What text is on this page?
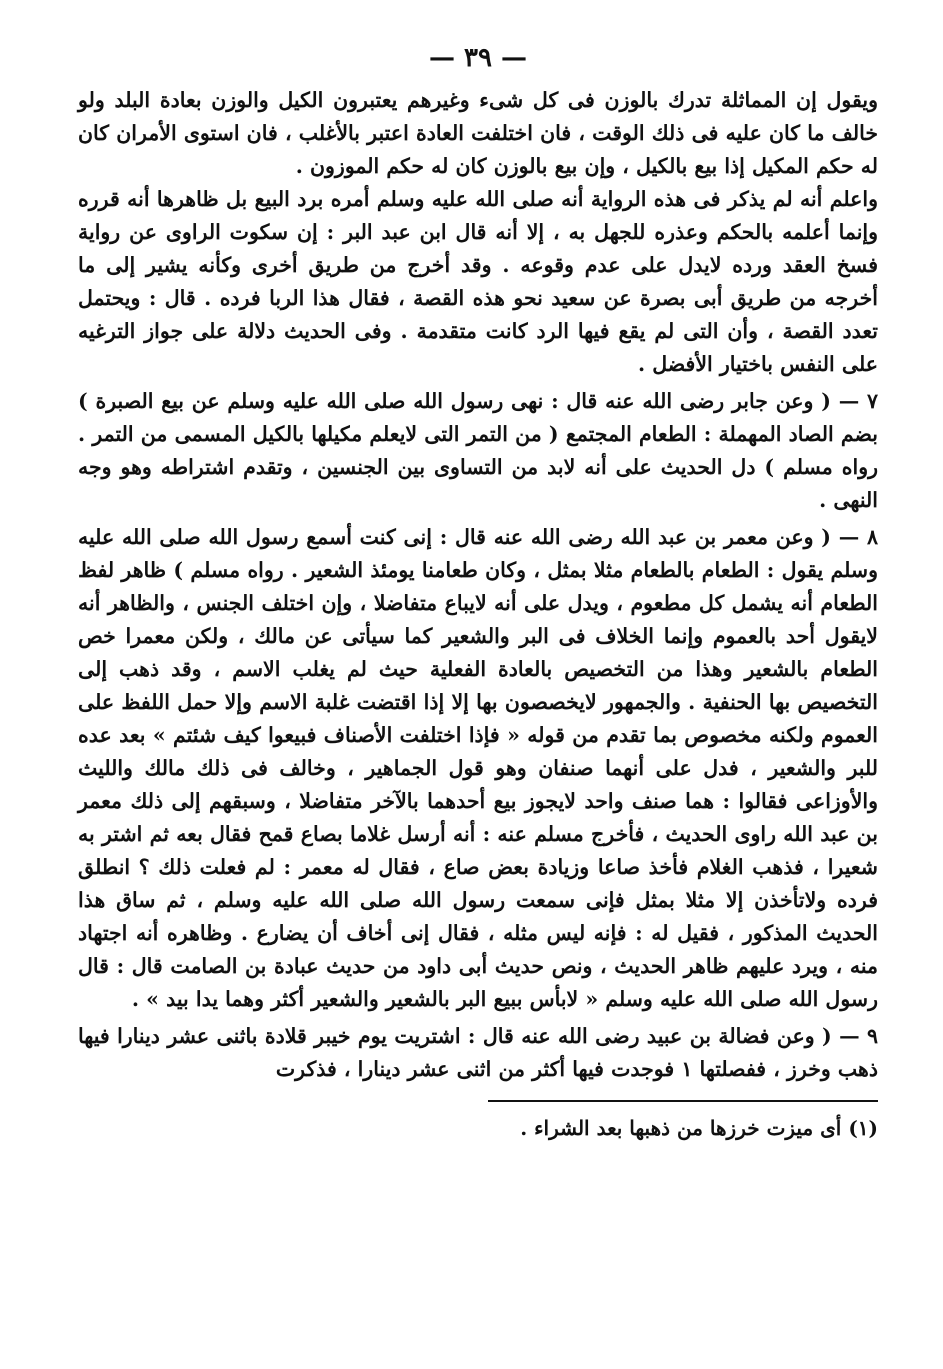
— ٣٩ —

ويقول إن المماثلة تدرك بالوزن فى كل شىء وغيرهم يعتبرون الكيل والوزن بعادة البلد ولو خالف ما كان عليه فى ذلك الوقت ، فان اختلفت العادة اعتبر بالأغلب ، فان استوى الأمران كان له حكم المكيل إذا بيع بالكيل ، وإن بيع بالوزن كان له حكم الموزون .

واعلم أنه لم يذكر فى هذه الرواية أنه صلى الله عليه وسلم أمره برد البيع بل ظاهرها أنه قرره وإنما أعلمه بالحكم وعذره للجهل به ، إلا أنه قال ابن عبد البر : إن سكوت الراوى عن رواية فسخ العقد ورده لايدل على عدم وقوعه . وقد أخرج من طريق أخرى وكأنه يشير إلى ما أخرجه من طريق أبى بصرة عن سعيد نحو هذه القصة ، فقال هذا الربا فرده . قال : ويحتمل تعدد القصة ، وأن التى لم يقع فيها الرد كانت متقدمة . وفى الحديث دلالة على جواز الترغيه على النفس باختيار الأفضل .

٧ — ( وعن جابر رضى الله عنه قال : نهى رسول الله صلى الله عليه وسلم عن بيع الصبرة ) بضم الصاد المهملة : الطعام المجتمع ( من التمر التى لايعلم مكيلها بالكيل المسمى من التمر . رواه مسلم ) دل الحديث على أنه لابد من التساوى بين الجنسين ، وتقدم اشتراطه وهو وجه النهى .

٨ — ( وعن معمر بن عبد الله رضى الله عنه قال : إنى كنت أسمع رسول الله صلى الله عليه وسلم يقول : الطعام بالطعام مثلا بمثل ، وكان طعامنا يومئذ الشعير . رواه مسلم ) ظاهر لفظ الطعام أنه يشمل كل مطعوم ، ويدل على أنه لايباع متفاضلا ، وإن اختلف الجنس ، والظاهر أنه لايقول أحد بالعموم وإنما الخلاف فى البر والشعير كما سيأتى عن مالك ، ولكن معمرا خص الطعام بالشعير وهذا من التخصيص بالعادة الفعلية حيث لم يغلب الاسم ، وقد ذهب إلى التخصيص بها الحنفية . والجمهور لايخصصون بها إلا إذا اقتضت غلبة الاسم وإلا حمل اللفظ على العموم ولكنه مخصوص بما تقدم من قوله « فإذا اختلفت الأصناف فبيعوا كيف شئتم » بعد عده للبر والشعير ، فدل على أنهما صنفان وهو قول الجماهير ، وخالف فى ذلك مالك والليث والأوزاعى فقالوا : هما صنف واحد لايجوز بيع أحدهما بالآخر متفاضلا ، وسبقهم إلى ذلك معمر بن عبد الله راوى الحديث ، فأخرج مسلم عنه : أنه أرسل غلاما بصاع قمح فقال بعه ثم اشتر به شعيرا ، فذهب الغلام فأخذ صاعا وزيادة بعض صاع ، فقال له معمر : لم فعلت ذلك ؟ انطلق فرده ولاتأخذن إلا مثلا بمثل فإنى سمعت رسول الله صلى الله عليه وسلم ، ثم ساق هذا الحديث المذكور ، فقيل له : فإنه ليس مثله ، فقال إنى أخاف أن يضارع . وظاهره أنه اجتهاد منه ، ويرد عليهم ظاهر الحديث ، ونص حديث أبى داود من حديث عبادة بن الصامت قال : قال رسول الله صلى الله عليه وسلم « لابأس ببيع البر بالشعير والشعير أكثر وهما يدا بيد » .

٩ — ( وعن فضالة بن عبيد رضى الله عنه قال : اشتريت يوم خيبر قلادة باثنى عشر دينارا فيها ذهب وخرز ، ففصلتها ١ فوجدت فيها أكثر من اثنى عشر دينارا ، فذكرت

(١) أى ميزت خرزها من ذهبها بعد الشراء .
